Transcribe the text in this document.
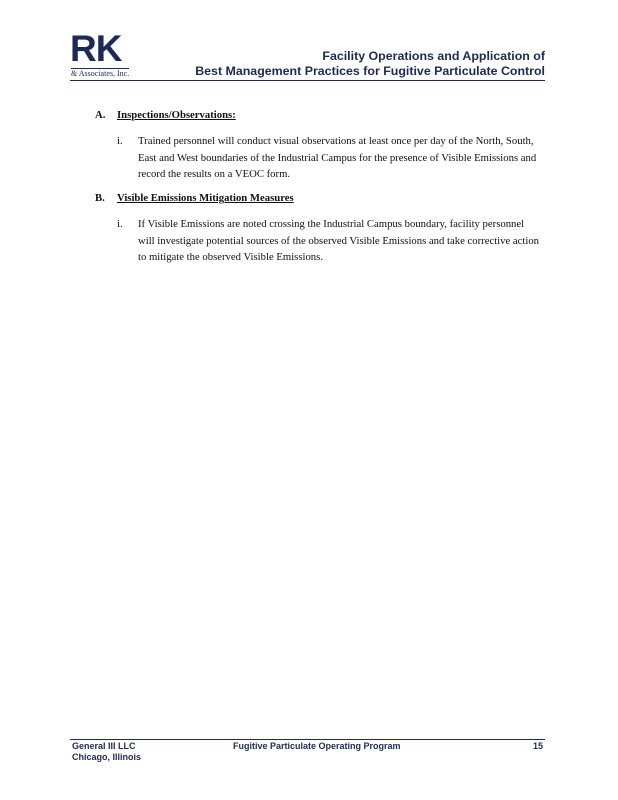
RK
& Associates, Inc.
Facility Operations and Application of
Best Management Practices for Fugitive Particulate Control
A. Inspections/Observations:
i. Trained personnel will conduct visual observations at least once per day of the North, South, East and West boundaries of the Industrial Campus for the presence of Visible Emissions and record the results on a VEOC form.
B. Visible Emissions Mitigation Measures
i. If Visible Emissions are noted crossing the Industrial Campus boundary, facility personnel will investigate potential sources of the observed Visible Emissions and take corrective action to mitigate the observed Visible Emissions.
General III LLC
Chicago, Illinois
Fugitive Particulate Operating Program	15
